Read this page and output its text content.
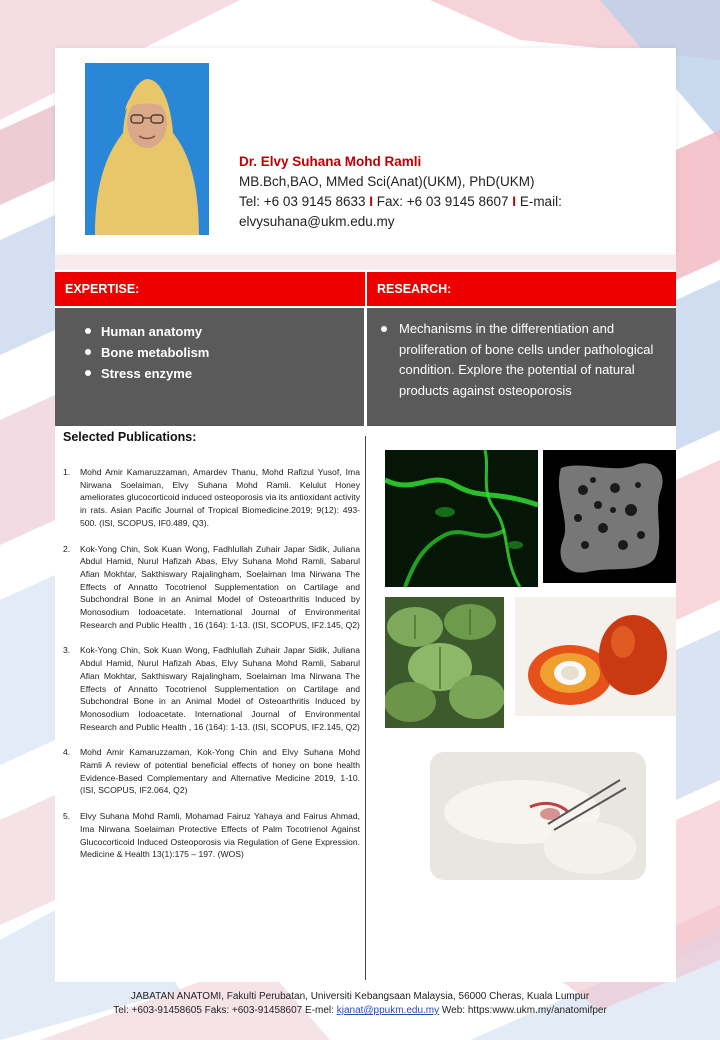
Dr. Elvy Suhana Mohd Ramli
MB.Bch,BAO, MMed Sci(Anat)(UKM), PhD(UKM)
Tel: +6 03 9145 8633 I Fax: +6 03 9145 8607 I E-mail:
elvysuhana@ukm.edu.my
EXPERTISE:	RESEARCH:
Human anatomy
Bone metabolism
Stress enzyme
Mechanisms in the differentiation and proliferation of bone cells under pathological condition. Explore the potential of natural products against osteoporosis
Selected Publications:
1. Mohd Amir Kamaruzzaman, Amardev Thanu, Mohd Rafizul Yusof, Ima Nirwana Soelaiman, Elvy Suhana Mohd Ramli. Kelulut Honey ameliorates glucocorticoid induced osteoporosis via its antioxidant activity in rats. Asian Pacific Journal of Tropical Biomedicine.2019; 9(12): 493-500. (ISI, SCOPUS, IF0.489, Q3).
2. Kok-Yong Chin, Sok Kuan Wong, Fadhlullah Zuhair Japar Sidik, Juliana Abdul Hamid, Nurul Hafizah Abas, Elvy Suhana Mohd Ramli, Sabarul Afian Mokhtar, Sakthiswary Rajalingham, Soelaiman Ima Nirwana The Effects of Annatto Tocotrienol Supplementation on Cartilage and Subchondral Bone in an Animal Model of Osteoarthritis Induced by Monosodium Iodoacetate. International Journal of Environmental Research and Public Health , 16 (164): 1-13. (ISI, SCOPUS, IF2.145, Q2)
3. Kok-Yong Chin, Sok Kuan Wong, Fadhlullah Zuhair Japar Sidik, Juliana Abdul Hamid, Nurul Hafizah Abas, Elvy Suhana Mohd Ramli, Sabarul Afian Mokhtar, Sakthiswary Rajalingham, Soelaiman Ima Nirwana The Effects of Annatto Tocotrienol Supplementation on Cartilage and Subchondral Bone in an Animal Model of Osteoarthritis Induced by Monosodium Iodoacetate. International Journal of Environmental Research and Public Health , 16 (164): 1-13. (ISI, SCOPUS, IF2.145, Q2)
4. Mohd Amir Kamaruzzaman, Kok-Yong Chin and Elvy Suhana Mohd Ramli A review of potential beneficial effects of honey on bone health Evidence-Based Complementary and Alternative Medicine 2019, 1-10. (ISI, SCOPUS, IF2.064, Q2)
5. Elvy Suhana Mohd Ramli, Mohamad Fairuz Yahaya and Fairus Ahmad, Ima Nirwana Soelaiman Protective Effects of Palm Tocotrienol Against Glucocorticoid Induced Osteoporosis via Regulation of Gene Expression. Medicine & Health 13(1):175 – 197. (WOS)
JABATAN ANATOMI, Fakulti Perubatan, Universiti Kebangsaan Malaysia, 56000 Cheras, Kuala Lumpur
Tel: +603-91458605 Faks: +603-91458607 E-mel: kjanat@ppukm.edu.my Web: https:www.ukm.my/anatomifper
